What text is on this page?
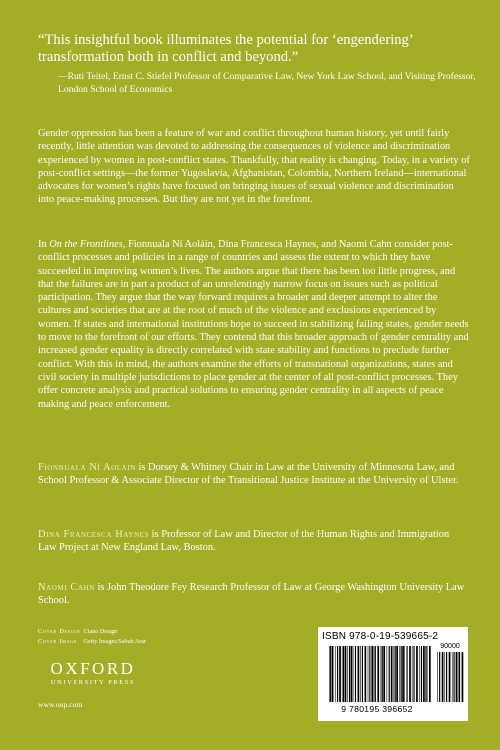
“This insightful book illuminates the potential for ‘engendering’ transformation both in conflict and beyond.”
—Ruti Teitel, Ernst C. Stiefel Professor of Comparative Law, New York Law School, and Visiting Professor, London School of Economics
Gender oppression has been a feature of war and conflict throughout human history, yet until fairly recently, little attention was devoted to addressing the consequences of violence and discrimination experienced by women in post-conflict states. Thankfully, that reality is changing. Today, in a variety of post-conflict settings—the former Yugoslavia, Afghanistan, Colombia, Northern Ireland—international advocates for women’s rights have focused on bringing issues of sexual violence and discrimination into peace-making processes. But they are not yet in the forefront.
In On the Frontlines, Fionnuala Ní Aoláin, Dina Francesca Haynes, and Naomi Cahn consider post-conflict processes and policies in a range of countries and assess the extent to which they have succeeded in improving women’s lives. The authors argue that there has been too little progress, and that the failures are in part a product of an unrelentingly narrow focus on issues such as political participation. They argue that the way forward requires a broader and deeper attempt to alter the cultures and societies that are at the root of much of the violence and exclusions experienced by women. If states and international institutions hope to succeed in stabilizing failing states, gender needs to move to the forefront of our efforts. They contend that this broader approach of gender centrality and increased gender equality is directly correlated with state stability and functions to preclude further conflict. With this in mind, the authors examine the efforts of transnational organizations, states and civil society in multiple jurisdictions to place gender at the center of all post-conflict processes. They offer concrete analysis and practical solutions to ensuring gender centrality in all aspects of peace making and peace enforcement.
Fionnuala Ní Aoláin is Dorsey & Whitney Chair in Law at the University of Minnesota Law, and School Professor & Associate Director of the Transitional Justice Institute at the University of Ulster.
Dina Francesca Haynes is Professor of Law and Director of the Human Rights and Immigration Law Project at New England Law, Boston.
Naomi Cahn is John Theodore Fey Research Professor of Law at George Washington University Law School.
Cover Design Ciano Design
Cover Image Getty Images/Sabah Arar
OXFORD
UNIVERSITY PRESS
www.oup.com
ISBN 978-0-19-539665-2
90000
9 780195 396652
